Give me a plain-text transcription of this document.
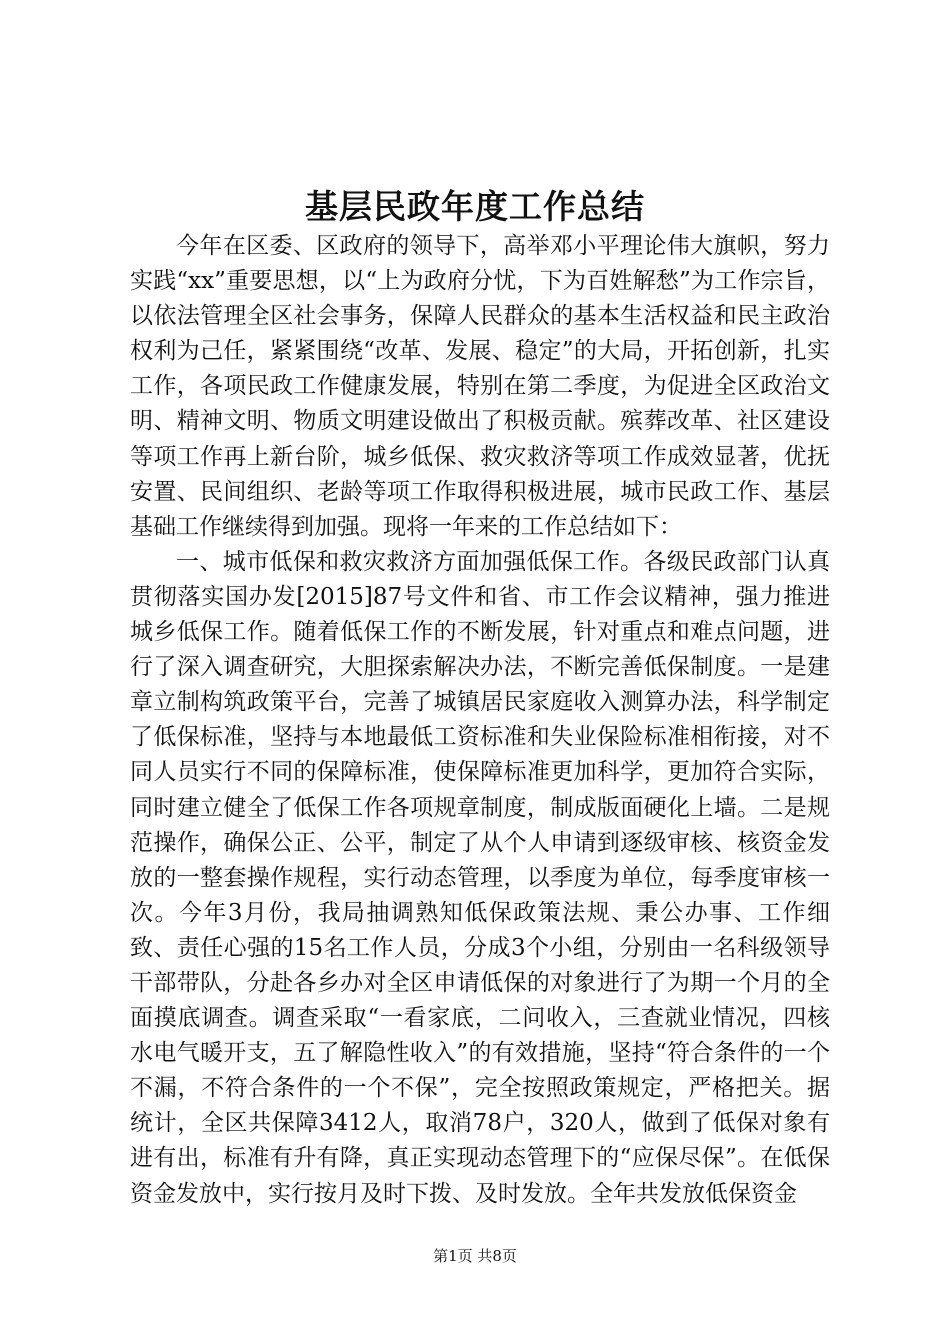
基层民政年度工作总结

今年在区委、区政府的领导下，高举邓小平理论伟大旗帜，努力实践“xx”重要思想，以“上为政府分忧，下为百姓解愁”为工作宗旨，以依法管理全区社会事务，保障人民群众的基本生活权益和民主政治权利为己任，紧紧围绕“改革、发展、稳定”的大局，开拓创新，扎实工作，各项民政工作健康发展，特别在第二季度，为促进全区政治文明、精神文明、物质文明建设做出了积极贡献。殡葬改革、社区建设等项工作再上新台阶，城乡低保、救灾救济等项工作成效显著，优抚安置、民间组织、老龄等项工作取得积极进展，城市民政工作、基层基础工作继续得到加强。现将一年来的工作总结如下：

一、城市低保和救灾救济方面加强低保工作。各级民政部门认真贯彻落实国办发[2015]87号文件和省、市工作会议精神，强力推进城乡低保工作。随着低保工作的不断发展，针对重点和难点问题，进行了深入调查研究，大胆探索解决办法，不断完善低保制度。一是建章立制构筑政策平台，完善了城镇居民家庭收入测算办法，科学制定了低保标准，坚持与本地最低工资标准和失业保险标准相衔接，对不同人员实行不同的保障标准，使保障标准更加科学，更加符合实际，同时建立健全了低保工作各项规章制度，制成版面硬化上墙。二是规范操作，确保公正、公平，制定了从个人申请到逐级审核、核资金发放的一整套操作规程，实行动态管理，以季度为单位，每季度审核一次。今年3月份，我局抽调熟知低保政策法规、秉公办事、工作细致、责任心强的15名工作人员，分成3个小组，分别由一名科级领导干部带队，分赴各乡办对全区申请低保的对象进行了为期一个月的全面摸底调查。调查采取“一看家底，二问收入，三查就业情况，四核水电气暖开支，五了解隐性收入”的有效措施，坚持“符合条件的一个不漏，不符合条件的一个不保”，完全按照政策规定，严格把关。据统计，全区共保障3412人，取消78户，320人，做到了低保对象有进有出，标准有升有降，真正实现动态管理下的“应保尽保”。在低保资金发放中，实行按月及时下拨、及时发放。全年共发放低保资金

第1页 共8页
